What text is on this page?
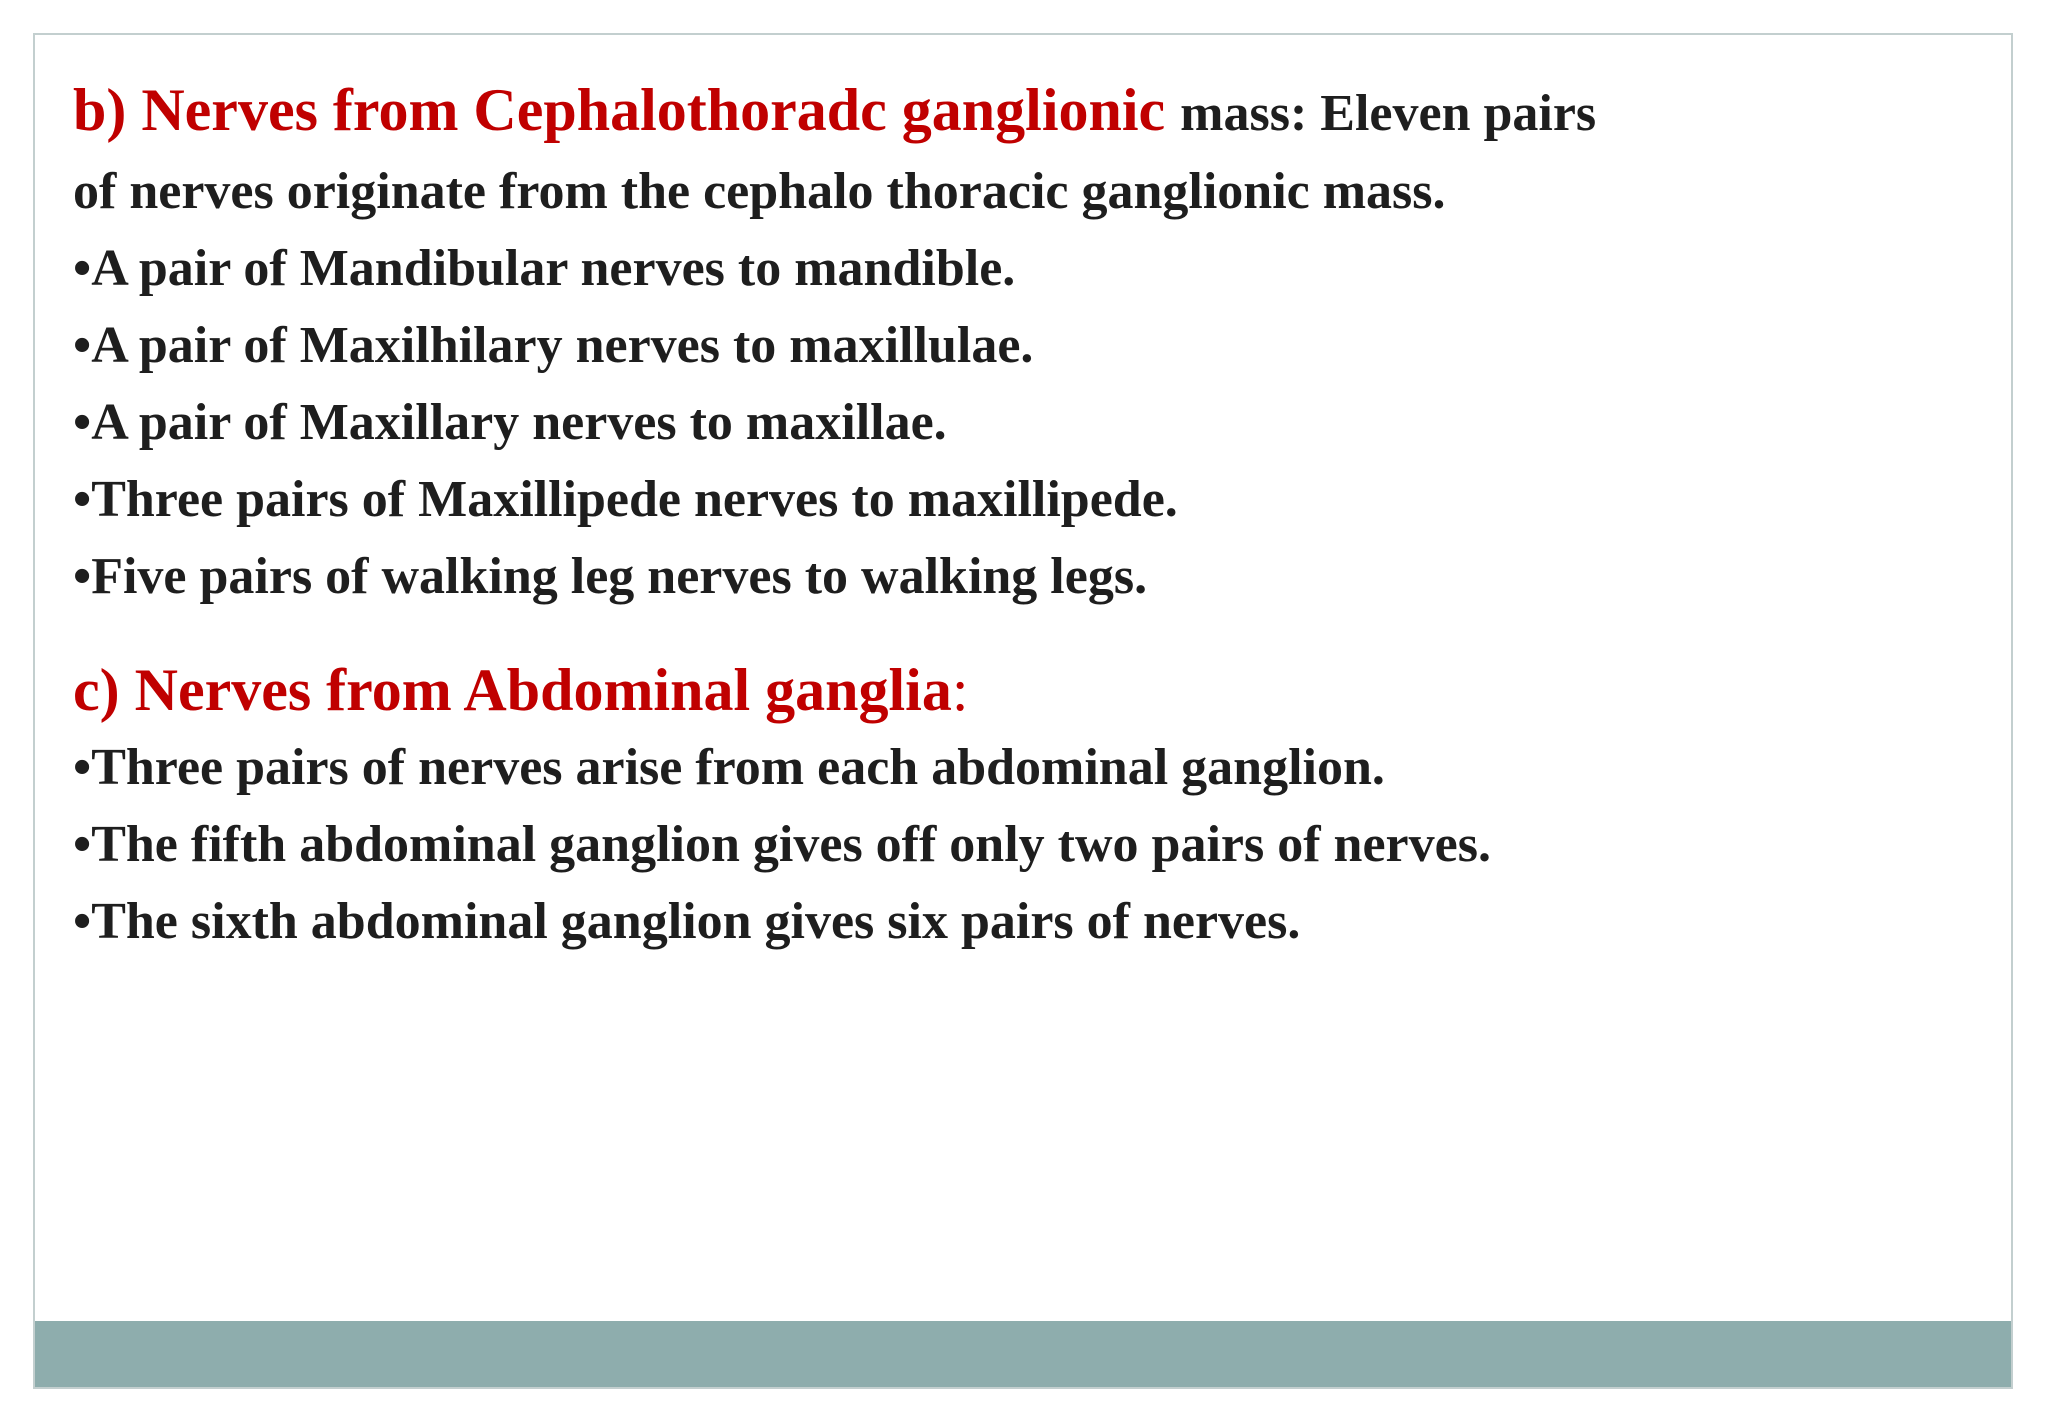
b) Nerves from Cephalothoradc ganglionic mass: Eleven pairs

of nerves originate from the cephalo thoracic ganglionic mass.

•A pair of Mandibular nerves to mandible.

•A pair of Maxilhilary nerves to maxillulae.

•A pair of Maxillary nerves to maxillae.

•Three pairs of Maxillipede nerves to maxillipede.

•Five pairs of walking leg nerves to walking legs.

c) Nerves from Abdominal ganglia:

•Three pairs of nerves arise from each abdominal ganglion.

•The fifth abdominal ganglion gives off only two pairs of nerves.

•The sixth abdominal ganglion gives six pairs of nerves.
